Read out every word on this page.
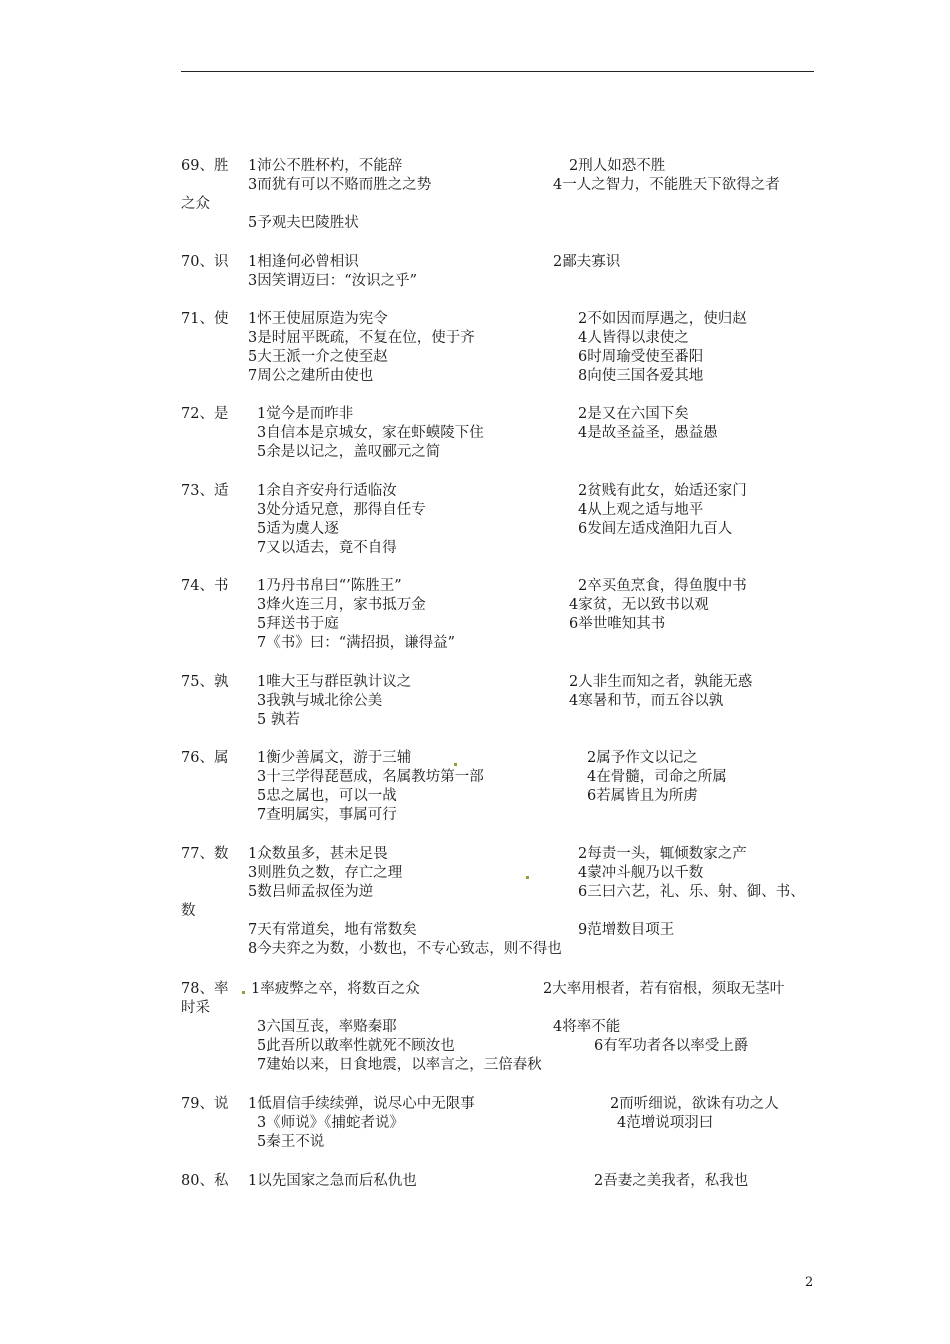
69、胜 1沛公不胜杯杓，不能辞	2刑人如恐不胜
3而犹有可以不赂而胜之之势	4一人之智力，不能胜天下欲得之者
之众
5予观夫巴陵胜状
70、识 1相逢何必曾相识	2鄙夫寡识
3因笑谓迈曰：“汝识之乎”
71、使 1怀王使屈原造为宪令	2不如因而厚遇之，使归赵
3是时屈平既疏，不复在位，使于齐	4人皆得以隶使之
5大王派一介之使至赵	6时周瑜受使至番阳
7周公之建所由使也	8向使三国各爱其地
72、是 1觉今是而昨非	2是又在六国下矣
3自信本是京城女，家在虾蟆陵下住	4是故圣益圣，愚益愚
5余是以记之，盖叹郦元之简
73、适 1余自齐安舟行适临汝	2贫贱有此女，始适还家门
3处分适兄意，那得自任专	4从上观之适与地平
5适为虞人逐	6发闾左适戍渔阳九百人
7又以适去，竟不自得
74、书 1乃丹书帛曰“’陈胜王”	2卒买鱼烹食，得鱼腹中书
3烽火连三月，家书抵万金	4家贫，无以致书以观
5拜送书于庭	6举世唯知其书
7《书》曰：“满招损，谦得益”
75、孰 1唯大王与群臣孰计议之	2人非生而知之者，孰能无惑
3我孰与城北徐公美	4寒暑和节，而五谷以孰
5 孰若
76、属 1衡少善属文，游于三辅	2属予作文以记之
3十三学得琵琶成，名属教坊第一部	4在骨髓，司命之所属
5忠之属也，可以一战	6若属皆且为所虏
7查明属实，事属可行
77、数 1众数虽多，甚未足畏	2每责一头，辄倾数家之产
3则胜负之数，存亡之理	4蒙冲斗舰乃以千数
5数吕师孟叔侄为逆	6三曰六艺，礼、乐、射、御、书、
数
7天有常道矣，地有常数矣	9范增数目项王
8今夫弈之为数，小数也，不专心致志，则不得也
78、率 1率疲弊之卒，将数百之众	2大率用根者，若有宿根，须取无茎叶
时采
3六国互丧，率赂秦耶	4将率不能
5此吾所以敢率性就死不顾汝也	6有军功者各以率受上爵
7建始以来，日食地震，以率言之，三倍春秋
79、说 1低眉信手续续弹，说尽心中无限事	2而听细说，欲诛有功之人
3《师说》《捕蛇者说》	4范增说项羽曰
5秦王不说
80、私 1以先国家之急而后私仇也	2吾妻之美我者，私我也
2
